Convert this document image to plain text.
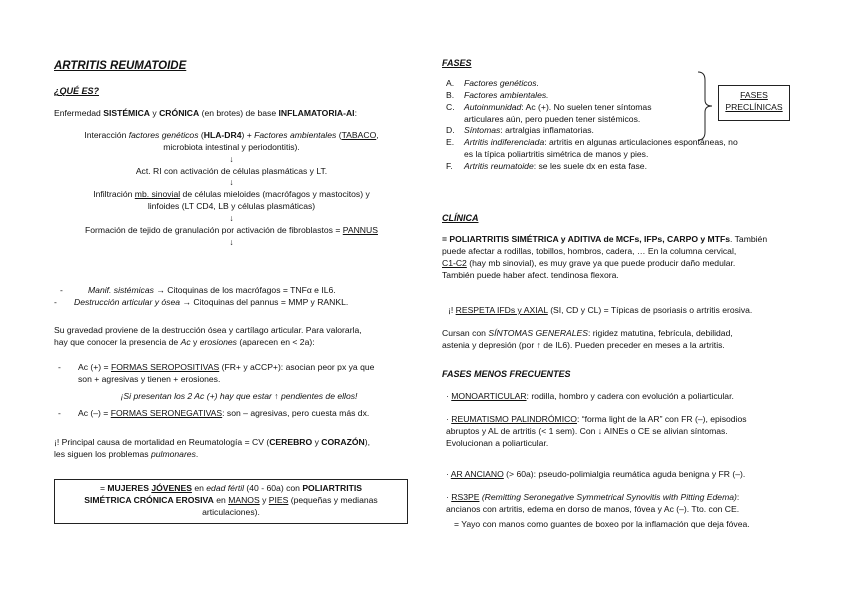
ARTRITIS REUMATOIDE
¿QUÉ ES?

Enfermedad SISTÉMICA y CRÓNICA (en brotes) de base INFLAMATORIA-AI:

Interacción factores genéticos (HLA-DR4) + Factores ambientales (TABACO,

microbiota intestinal y periodontitis).

↓

Act. RI con activación de células plasmáticas y LT.

↓

Infiltración mb. sinovial de células mieloides (macrófagos y mastocitos) y

linfoides (LT CD4, LB y células plasmáticas)

↓

Formación de tejido de granulación por activación de fibroblastos = PANNUS

↓

-	Manif. sistémicas → Citoquinas de los macrófagos = TNFα e IL6.

- Destrucción articular y ósea → Citoquinas del pannus = MMP y RANKL.

Su gravedad proviene de la destrucción ósea y cartílago articular. Para valorarla,

hay que conocer la presencia de Ac y erosiones (aparecen en < 2a):

- Ac (+) = FORMAS SEROPOSITIVAS (FR+ y aCCP+): asocian peor px ya que

son + agresivas y tienen + erosiones.

¡Si presentan los 2 Ac (+) hay que estar ↑ pendientes de ellos!

- Ac (–) = FORMAS SERONEGATIVAS: son – agresivas, pero cuesta más dx.

¡! Principal causa de mortalidad en Reumatología = CV (CEREBRO y CORAZÓN),

les siguen los problemas pulmonares.

= MUJERES JÓVENES en edad fértil (40 - 60a) con POLIARTRITIS

SIMÉTRICA CRÓNICA EROSIVA en MANOS y PIES (pequeñas y medianas

articulaciones).

FASES
A. Factores genéticos.
B. Factores ambientales.
C. Autoinmunidad: Ac (+). No suelen tener síntomas
articulares aún, pero pueden tener sistémicos.
D. Síntomas: artralgias inflamatorias.
E. Artritis indiferenciada: artritis en algunas articulaciones espontáneas, no
es la típica poliartritis simétrica de manos y pies.
F. Artritis reumatoide: se les suele dx en esta fase.

FASES

PRECLÍNICAS

CLÍNICA

= POLIARTRITIS SIMÉTRICA y ADITIVA de MCFs, IFPs, CARPO y MTFs. También

puede afectar a rodillas, tobillos, hombros, cadera, … En la columna cervical,

C1-C2 (hay mb sinovial), es muy grave ya que puede producir daño medular.

También puede haber afect. tendinosa flexora.

¡! RESPETA IFDs y AXIAL (SI, CD y CL) = Típicas de psoriasis o artritis erosiva.

Cursan con SÍNTOMAS GENERALES: rigidez matutina, febrícula, debilidad,

astenia y depresión (por ↑ de IL6). Pueden preceder en meses a la artritis.

FASES MENOS FRECUENTES

· MONOARTICULAR: rodilla, hombro y cadera con evolución a poliarticular.

· REUMATISMO PALINDRÓMICO: “forma light de la AR” con FR (–), episodios

abruptos y AL de artritis (< 1 sem). Con ↓ AINEs o CE se alivian síntomas.

Evolucionan a poliarticular.

· AR ANCIANO (> 60a): pseudo-polimialgia reumática aguda benigna y FR (–).

· RS3PE (Remitting Seronegative Symmetrical Synovitis with Pitting Edema):

ancianos con artritis, edema en dorso de manos, fóvea y Ac (–). Tto. con CE.

= Yayo con manos como guantes de boxeo por la inflamación que deja fóvea.
